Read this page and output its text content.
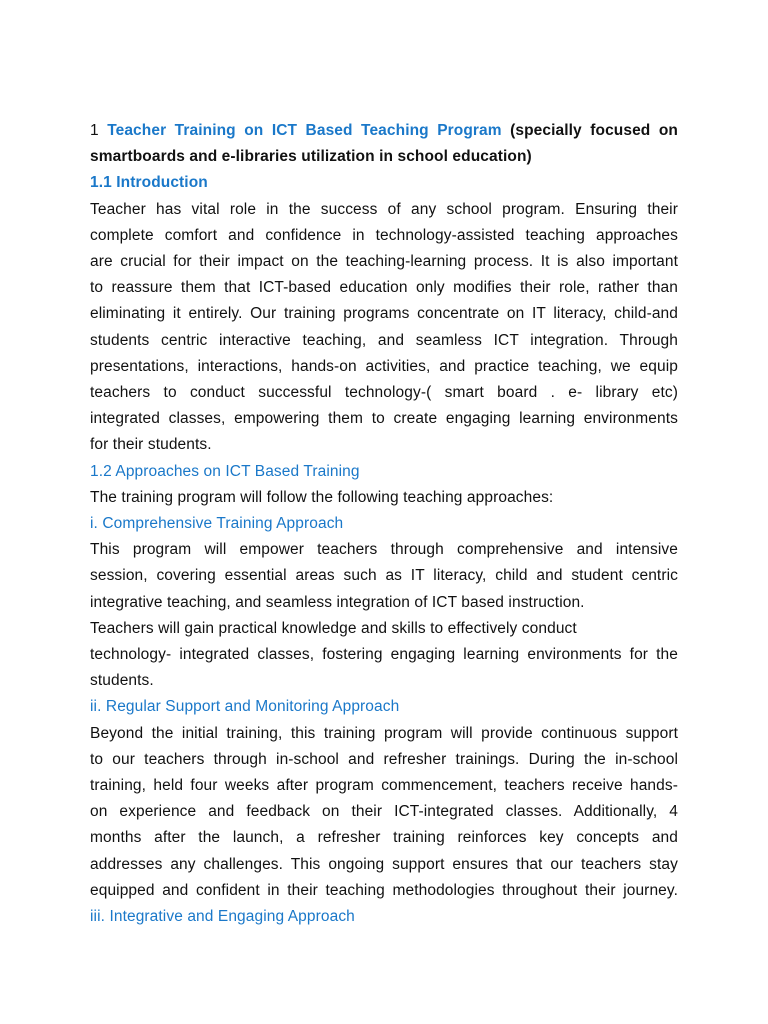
1 Teacher Training on ICT Based Teaching Program (specially focused on
smartboards and e-libraries utilization in school education)
1.1 Introduction
Teacher has vital role in the success of any school program. Ensuring their
complete comfort and confidence in technology-assisted teaching approaches
are crucial for their impact on the teaching-learning process. It is also important
to reassure them that ICT-based education only modifies their role, rather than
eliminating it entirely. Our training programs concentrate on IT literacy, child-and
students centric interactive teaching, and seamless ICT integration. Through
presentations, interactions, hands-on activities, and practice teaching, we equip
teachers to conduct successful technology-( smart board . e- library etc)
integrated classes, empowering them to create engaging learning environments
for their students.
1.2 Approaches on ICT Based Training
The training program will follow the following teaching approaches:
i. Comprehensive Training Approach
This program will empower teachers through comprehensive and intensive
session, covering essential areas such as IT literacy, child and student centric
integrative teaching, and seamless integration of ICT based instruction.
Teachers will gain practical knowledge and skills to effectively conduct
technology- integrated classes, fostering engaging learning environments for the
students.
ii. Regular Support and Monitoring Approach
Beyond the initial training, this training program will provide continuous support
to our teachers through in-school and refresher trainings. During the in-school
training, held four weeks after program commencement, teachers receive hands-
on experience and feedback on their ICT-integrated classes. Additionally, 4
months after the launch, a refresher training reinforces key concepts and
addresses any challenges. This ongoing support ensures that our teachers stay
equipped and confident in their teaching methodologies throughout their journey.
iii. Integrative and Engaging Approach
